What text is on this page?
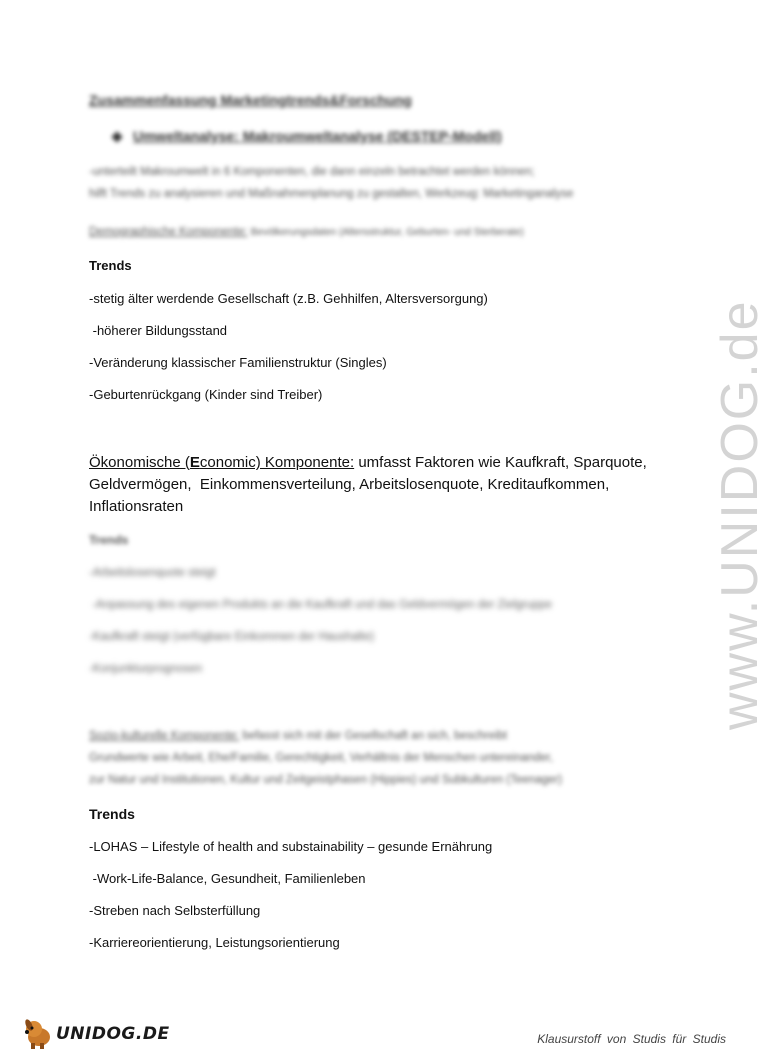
www.UNIDOG.de
Zusammenfassung Marketingtrends&Forschung
Umweltanalyse: Makroumweltanalyse (DESTEP-Modell)
-unterteilt Makroumwelt in 6 Komponenten, die dann einzeln betrachtet werden können;
hilft Trends zu analysieren und Maßnahmenplanung zu gestalten, Werkzeug: Marketinganalyse
Demographische Komponente: Bevölkerungsdaten (Altersstruktur, Geburten- und Sterberate)
Trends
-stetig älter werdende Gesellschaft (z.B. Gehhilfen, Altersversorgung)
-höherer Bildungsstand
-Veränderung klassischer Familienstruktur (Singles)
-Geburtenrückgang (Kinder sind Treiber)
Ökonomische (Economic) Komponente: umfasst Faktoren wie Kaufkraft, Sparquote,
Geldvermögen,  Einkommensverteilung, Arbeitslosenquote, Kreditaufkommen,
Inflationsraten
Trends
-Arbeitslosenquote steigt
-Anpassung des eigenen Produkts an die Kaufkraft und das Geldvermögen der Zielgruppe
-Kaufkraft steigt (verfügbare Einkommen der Haushalte)
-Konjunkturprognosen
Sozio-kulturelle Komponente: befasst sich mit der Gesellschaft an sich, beschreibt
Grundwerte wie Arbeit, Ehe/Familie, Gerechtigkeit, Verhältnis der Menschen untereinander,
zur Natur und Institutionen, Kultur und Zeitgeistphasen (Hippies) und Subkulturen (Teenager)
Trends
-LOHAS – Lifestyle of health and substainability – gesunde Ernährung
-Work-Life-Balance, Gesundheit, Familienleben
-Streben nach Selbsterfüllung
-Karriereorientierung, Leistungsorientierung
UNIDOG.DE	Klausurstoff von Studis für Studis
